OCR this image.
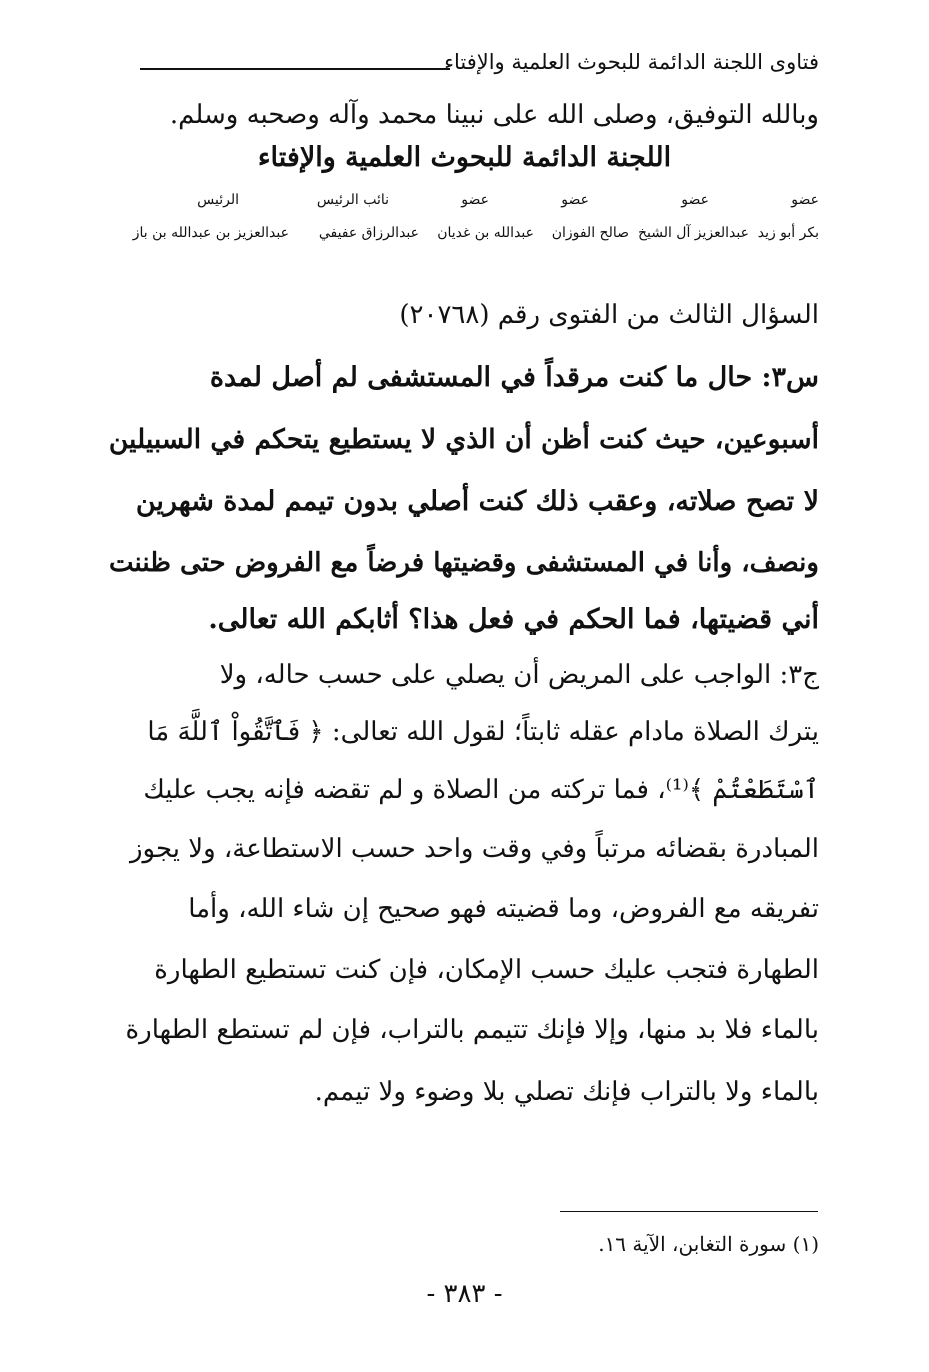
فتاوى اللجنة الدائمة للبحوث العلمية والإفتاء
وبالله التوفيق، وصلى الله على نبينا محمد وآله وصحبه وسلم.
اللجنة الدائمة للبحوث العلمية والإفتاء
عضو
عضو
عضو
عضو
نائب الرئيس
الرئيس
بكر أبو زيد
عبدالعزيز آل الشيخ
صالح الفوزان
عبدالله بن غديان
عبدالرزاق عفيفي
عبدالعزيز بن عبدالله بن باز
السؤال الثالث من الفتوى رقم (٢٠٧٦٨)
س٣: حال ما كنت مرقداً في المستشفى لم أصل لمدة
أسبوعين، حيث كنت أظن أن الذي لا يستطيع يتحكم في السبيلين
لا تصح صلاته، وعقب ذلك كنت أصلي بدون تيمم لمدة شهرين
ونصف، وأنا في المستشفى وقضيتها فرضاً مع الفروض حتى ظننت
أني قضيتها، فما الحكم في فعل هذا؟ أثابكم الله تعالى.
ج٣: الواجب على المريض أن يصلي على حسب حاله، ولا
يترك الصلاة مادام عقله ثابتاً؛ لقول الله تعالى: ﴿ فَٱتَّقُواْ ٱللَّهَ مَا
ٱسْتَطَعْتُمْ ﴾⁽¹⁾، فما تركته من الصلاة و لم تقضه فإنه يجب عليك
المبادرة بقضائه مرتباً وفي وقت واحد حسب الاستطاعة، ولا يجوز
تفريقه مع الفروض، وما قضيته فهو صحيح إن شاء الله، وأما
الطهارة فتجب عليك حسب الإمكان، فإن كنت تستطيع الطهارة
بالماء فلا بد منها، وإلا فإنك تتيمم بالتراب، فإن لم تستطع الطهارة
بالماء ولا بالتراب فإنك تصلي بلا وضوء ولا تيمم.
(١) سورة التغابن، الآية ١٦.
- ٣٨٣ -
